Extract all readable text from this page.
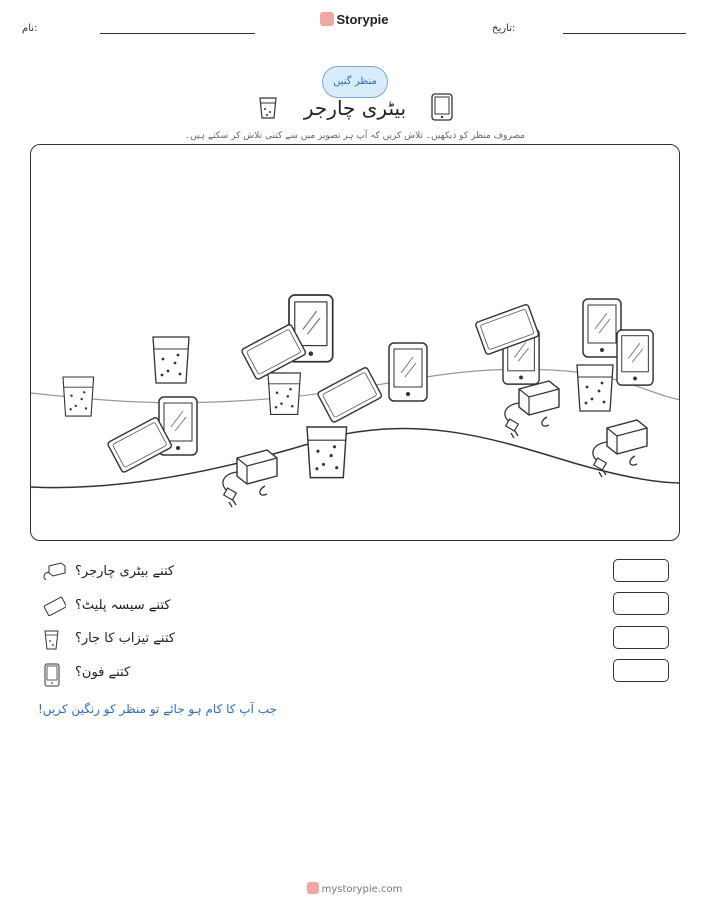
نام:
Storypie
تاریخ:
منظر گنیں
بیٹری چارجر
مصروف منظر کو دیکھیں۔ تلاش کریں کہ آپ ہر تصویر میں سے کتنی تلاش کر سکتے ہیں۔
کتنے بیٹری چارجر؟
کتنے سیسہ پلیٹ؟
کتنے تیزاب کا جار؟
کتنے فون؟
جب آپ کا کام ہو جائے تو منظر کو رنگین کریں!
mystorypie.com
